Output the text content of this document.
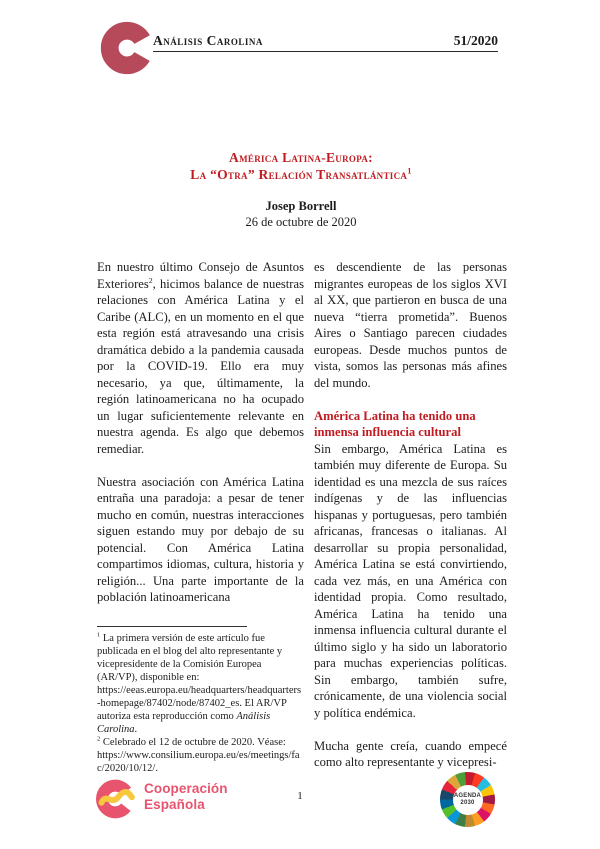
Análisis Carolina	51/2020
América Latina-Europa:
La “Otra” Relación Transatlántica$^1$
Josep Borrell
26 de octubre de 2020

En nuestro último Consejo de Asuntos Exteriores$^2$, hicimos balance de nuestras relaciones con América Latina y el Caribe (ALC), en un momento en el que esta región está atravesando una crisis dramática debido a la pandemia causada por la COVID-19. Ello era muy necesario, ya que, últimamente, la región latinoamericana no ha ocupado un lugar suficientemente relevante en nuestra agenda. Es algo que debemos remediar.

Nuestra asociación con América Latina entraña una paradoja: a pesar de tener mucho en común, nuestras interacciones siguen estando muy por debajo de su potencial. Con América Latina compartimos idiomas, cultura, historia y religión... Una parte importante de la población latinoamericana

es descendiente de las personas migrantes europeas de los siglos XVI al XX, que partieron en busca de una nueva “tierra prometida”. Buenos Aires o Santiago parecen ciudades europeas. Desde muchos puntos de vista, somos las personas más afines del mundo.

América Latina ha tenido una inmensa influencia cultural

Sin embargo, América Latina es también muy diferente de Europa. Su identidad es una mezcla de sus raíces indígenas y de las influencias hispanas y portuguesas, pero también africanas, francesas o italianas. Al desarrollar su propia personalidad, América Latina se está convirtiendo, cada vez más, en una América con identidad propia. Como resultado, América Latina ha tenido una inmensa influencia cultural durante el último siglo y ha sido un laboratorio para muchas experiencias políticas. Sin embargo, también sufre, crónicamente, de una violencia social y política endémica.

Mucha gente creía, cuando empecé como alto representante y vicepresi-

$^1$ La primera versión de este artículo fue publicada en el blog del alto representante y vicepresidente de la Comisión Europea (AR/VP), disponible en: https://eeas.europa.eu/headquarters/headquarters-homepage/87402/node/87402_es. El AR/VP autoriza esta reproducción como Análisis Carolina.

$^2$ Celebrado el 12 de octubre de 2020. Véase: https://www.consilium.europa.eu/es/meetings/fac/2020/10/12/.

Cooperación
Española
1	AGENDA
2030
